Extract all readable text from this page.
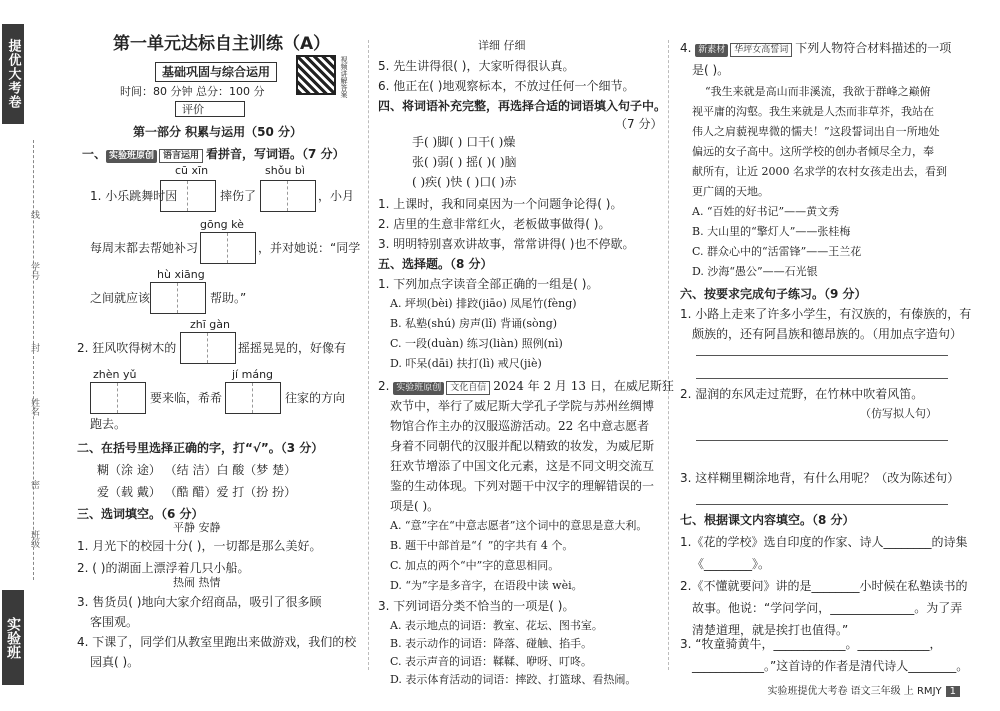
提优大考卷
线
学号
封
姓名
密
班级
实验班
第一单元达标自主训练（A）
基础巩固与综合运用
时间：80 分钟 总分：100 分
评价
视频讲解答案
第一部分 积累与运用（50 分）
一、 实验班原创 语言运用 看拼音，写词语。（7 分）
cū xīn	shǒu bì
1. 小乐跳舞时因	摔伤了	，小月
gōng kè
每周末都去帮她补习	，并对她说：“同学
hù xiāng
之间就应该	帮助。”
zhī gàn
2. 狂风吹得树木的	摇摇晃晃的，好像有
zhèn yǔ	jí máng
要来临，希希	往家的方向
跑去。
二、在括号里选择正确的字，打“√”。（3 分）
糊（涂 途） （结 洁）白 酸（梦 楚）
爱（载 戴） （酷 醋）爱 打（扮 扮）
三、选词填空。（6 分）
平静 安静
1. 月光下的校园十分( )，一切都是那么美好。
2. ( )的湖面上漂浮着几只小船。
热闹 热情
3. 售货员( )地向大家介绍商品，吸引了很多顾
客围观。
4. 下课了，同学们从教室里跑出来做游戏，我们的校
园真( )。
详细 仔细
5. 先生讲得很( )，大家听得很认真。
6. 他正在( )地观察标本，不放过任何一个细节。
四、将词语补充完整，再选择合适的词语填入句子中。
（7 分）
手( )脚( ) 口干( )燥
张( )弱( ) 摇( )( )脑
( )疾( )快 ( )口( )赤
1. 上课时，我和同桌因为一个问题争论得( )。
2. 店里的生意非常红火，老板做事做得( )。
3. 明明特别喜欢讲故事，常常讲得( )也不停歇。
五、选择题。（8 分）
1. 下列加点字读音全部正确的一组是( )。
A. 坪坝(bèi) 排跤(jiāo) 凤尾竹(fèng)
B. 私塾(shú) 房声(lǐ) 背诵(sòng)
C. 一段(duàn) 练习(liàn) 照例(nì)
D. 吓呆(dāi) 扶打(lì) 戒尺(jiè)
2. 实验班原创 文化自信 2024 年 2 月 13 日，在威尼斯狂
欢节中，举行了威尼斯大学孔子学院与苏州丝绸博
物馆合作主办的汉服巡游活动。22 名中意志愿者
身着不同朝代的汉服并配以精致的妆发，为威尼斯
狂欢节增添了中国文化元素，这是不同文明交流互
鉴的生动体现。下列对题干中汉字的理解错误的一
项是( )。
A. “意”字在“中意志愿者”这个词中的意思是意大利。
B. 题干中部首是“亻”的字共有 4 个。
C. 加点的两个“中”字的意思相同。
D. “为”字是多音字，在语段中读 wèi。
3. 下列词语分类不恰当的一项是( )。
A. 表示地点的词语：教室、花坛、图书室。
B. 表示动作的词语：降落、碰触、掐手。
C. 表示声音的词语：鞣鞣、咿呀、叮咚。
D. 表示体育活动的词语：摔跤、打篮球、看热闹。
4. 新素材 华坪女高誓词 下列人物符合材料描述的一项
是( )。
“我生来就是高山而非溪流，我欲于群峰之巅俯
视平庸的沟壑。我生来就是人杰而非草芥，我站在
伟人之肩藐视卑微的懦夫！”这段誓词出自一所地处
偏远的女子高中。这所学校的创办者倾尽全力，奉
献所有，让近 2000 名求学的农村女孩走出去，看到
更广阔的天地。
A. “百姓的好书记”——黄文秀
B. 大山里的“擎灯人”——张桂梅
C. 群众心中的“活雷锋”——王兰花
D. 沙海“愚公”——石光银
六、按要求完成句子练习。（9 分）
1. 小路上走来了许多小学生，有汉族的，有傣族的，有
颇族的，还有阿昌族和德昂族的。（用加点字造句）
2. 湿润的东风走过荒野，在竹林中吹着风笛。
（仿写拟人句）
3. 这样糊里糊涂地背，有什么用呢？（改为陈述句）
七、根据课文内容填空。（8 分）
1.《花的学校》选自印度的作家、诗人________的诗集
《________》。
2.《不懂就要问》讲的是________小时候在私塾读书的
故事。他说：“学问学问，______________。为了弄
清楚道理，就是挨打也值得。”
3. “牧童骑黄牛，____________。____________，
____________。”这首诗的作者是清代诗人________。
实验班提优大考卷 语文三年级 上 RMJY 1
